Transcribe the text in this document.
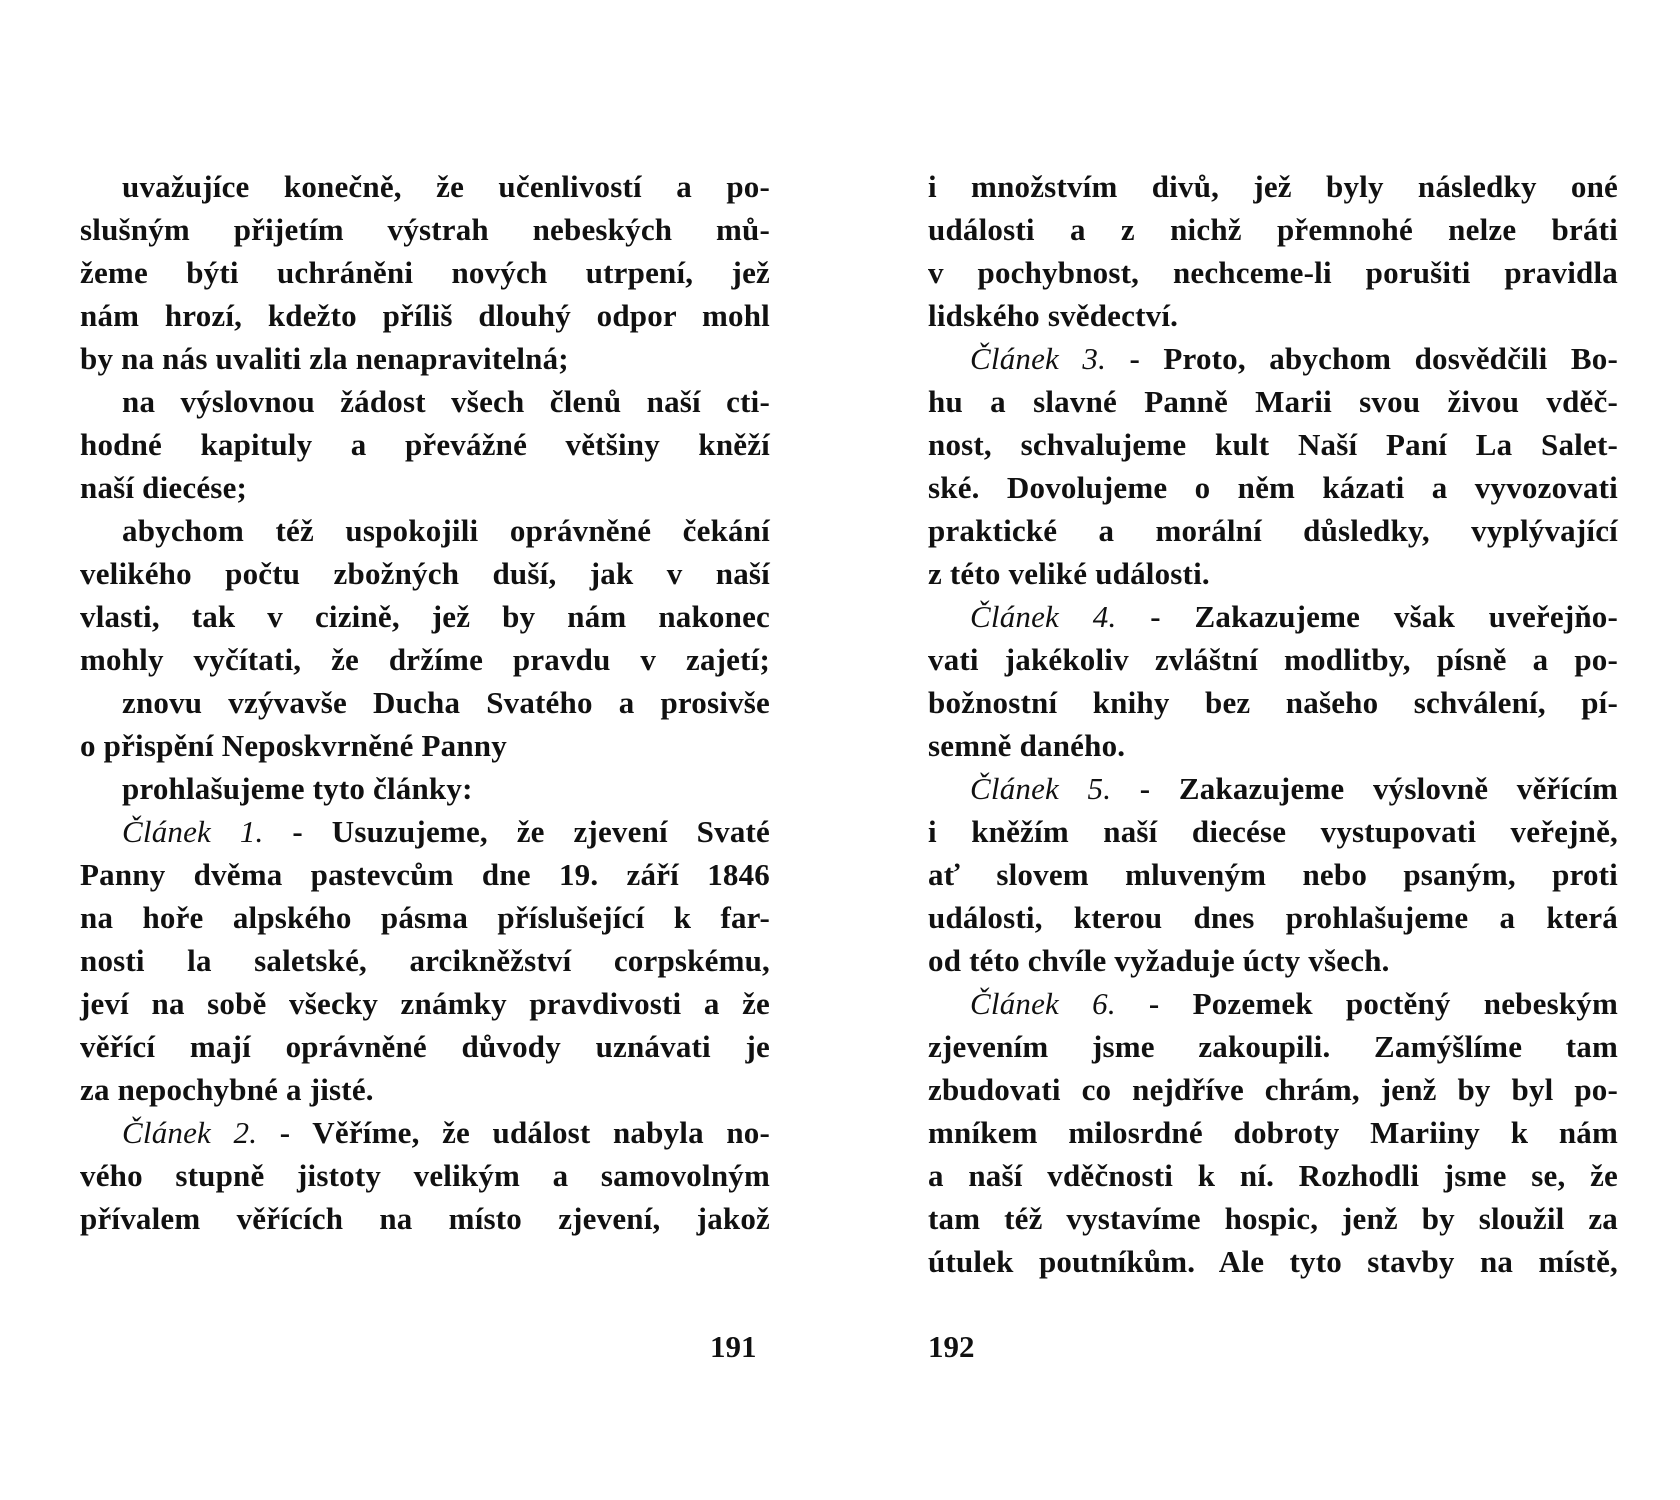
uvažujíce konečně, že učenlivostí a po-
slušným přijetím výstrah nebeských mů-
žeme býti uchráněni nových utrpení, jež
nám hrozí, kdežto příliš dlouhý odpor mohl
by na nás uvaliti zla nenapravitelná;
na výslovnou žádost všech členů naší cti-
hodné kapituly a převážné většiny kněží
naší diecése;
abychom též uspokojili oprávněné čekání
velikého počtu zbožných duší, jak v naší
vlasti, tak v cizině, jež by nám nakonec
mohly vyčítati, že držíme pravdu v zajetí;
znovu vzývavše Ducha Svatého a prosivše
o přispění Neposkvrněné Panny
prohlašujeme tyto články:
Článek 1. - Usuzujeme, že zjevení Svaté
Panny dvěma pastevcům dne 19. září 1846
na hoře alpského pásma příslušející k far-
nosti la saletské, arcikněžství corpskému,
jeví na sobě všecky známky pravdivosti a že
věřící mají oprávněné důvody uznávati je
za nepochybné a jisté.
Článek 2. - Věříme, že událost nabyla no-
vého stupně jistoty velikým a samovolným
přívalem věřících na místo zjevení, jakož
i množstvím divů, jež byly následky oné
události a z nichž přemnohé nelze bráti
v pochybnost, nechceme-li porušiti pravidla
lidského svědectví.
Článek 3. - Proto, abychom dosvědčili Bo-
hu a slavné Panně Marii svou živou vděč-
nost, schvalujeme kult Naší Paní La Salet-
ské. Dovolujeme o něm kázati a vyvozovati
praktické a morální důsledky, vyplývající
z této veliké události.
Článek 4. - Zakazujeme však uveřejňo-
vati jakékoliv zvláštní modlitby, písně a po-
božnostní knihy bez našeho schválení, pí-
semně daného.
Článek 5. - Zakazujeme výslovně věřícím
i kněžím naší diecése vystupovati veřejně,
ať slovem mluveným nebo psaným, proti
události, kterou dnes prohlašujeme a která
od této chvíle vyžaduje úcty všech.
Článek 6. - Pozemek poctěný nebeským
zjevením jsme zakoupili. Zamýšlíme tam
zbudovati co nejdříve chrám, jenž by byl po-
mníkem milosrdné dobroty Mariiny k nám
a naší vděčnosti k ní. Rozhodli jsme se, že
tam též vystavíme hospic, jenž by sloužil za
útulek poutníkům. Ale tyto stavby na místě,
191	192
